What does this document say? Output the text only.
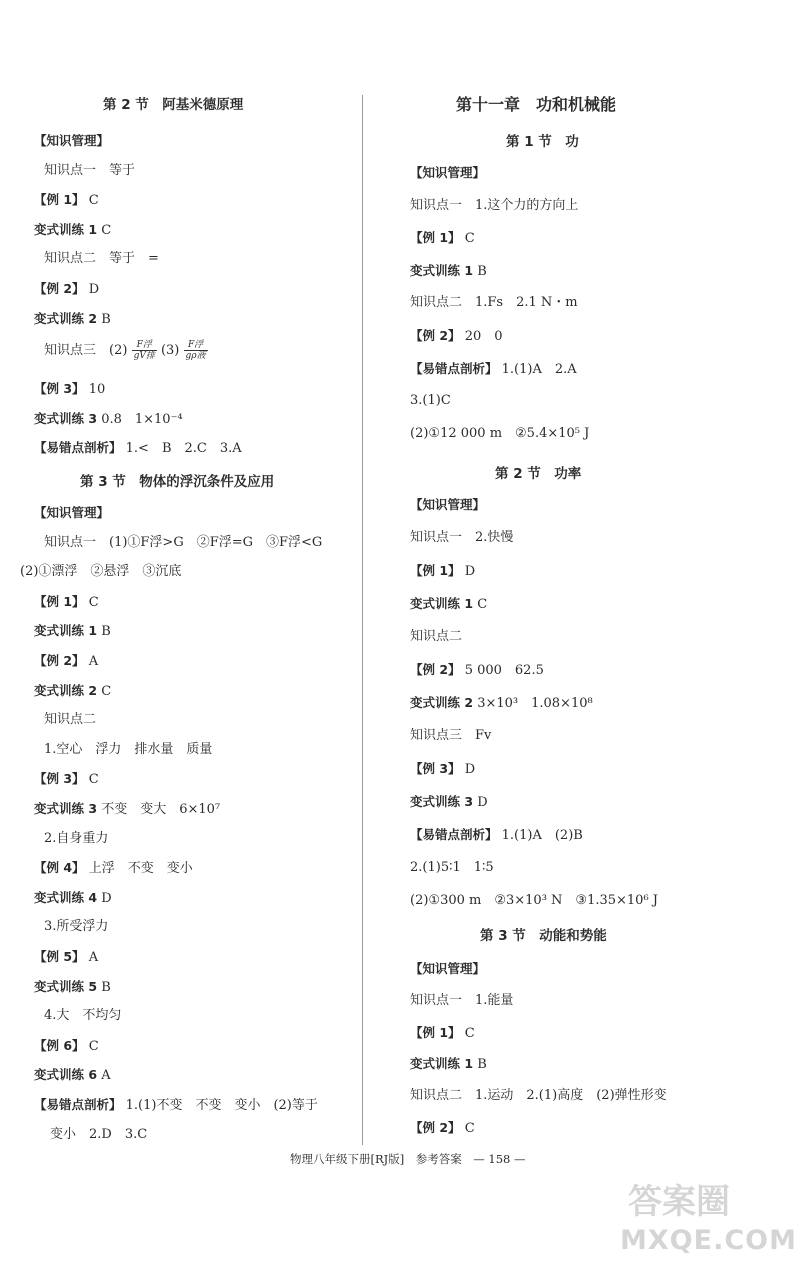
第 2 节　阿基米德原理
【知识管理】
知识点一　等于
【例 1】 C
变式训练 1 C
知识点二　等于　=
【例 2】 D
变式训练 2 B
知识点三　$(2) \frac{\text{F浮}}{\text{gV排}} (3) \frac{\text{F浮}}{\text{gρ液}}$
【例 3】 10
变式训练 3 0.8　1×10⁻⁴
【易错点剖析】 1.<　B　2.C　3.A
第 3 节　物体的浮沉条件及应用
【知识管理】
知识点一　(1)①F浮>G　②F浮=G　③F浮<G
(2)①漂浮　②悬浮　③沉底
【例 1】 C
变式训练 1 B
【例 2】 A
变式训练 2 C
知识点二
1.空心　浮力　排水量　质量
【例 3】 C
变式训练 3 不变　变大　6×10⁷
2.自身重力
【例 4】 上浮　不变　变小
变式训练 4 D
3.所受浮力
【例 5】 A
变式训练 5 B
4.大　不均匀
【例 6】 C
变式训练 6 A
【易错点剖析】 1.(1)不变　不变　变小　(2)等于
变小　2.D　3.C
第十一章　功和机械能
第 1 节　功
【知识管理】
知识点一　1.这个力的方向上
【例 1】 C
变式训练 1 B
知识点二　1.Fs　2.1 N・m
【例 2】 20　0
【易错点剖析】 1.(1)A　2.A
3.(1)C
(2)①12 000 m　②5.4×10⁵ J
第 2 节　功率
【知识管理】
知识点一　2.快慢
【例 1】 D
变式训练 1 C
知识点二
【例 2】 5 000　62.5
变式训练 2 3×10³　1.08×10⁸
知识点三　Fv
【例 3】 D
变式训练 3 D
【易错点剖析】 1.(1)A　(2)B
2.(1)5∶1　1∶5
(2)①300 m　②3×10³ N　③1.35×10⁶ J
第 3 节　动能和势能
【知识管理】
知识点一　1.能量
【例 1】 C
变式训练 1 B
知识点二　1.运动　2.(1)高度　(2)弹性形变
【例 2】 C
物理八年级下册[RJ版]　参考答案　— 158 —
答案圈
MXQE.COM
